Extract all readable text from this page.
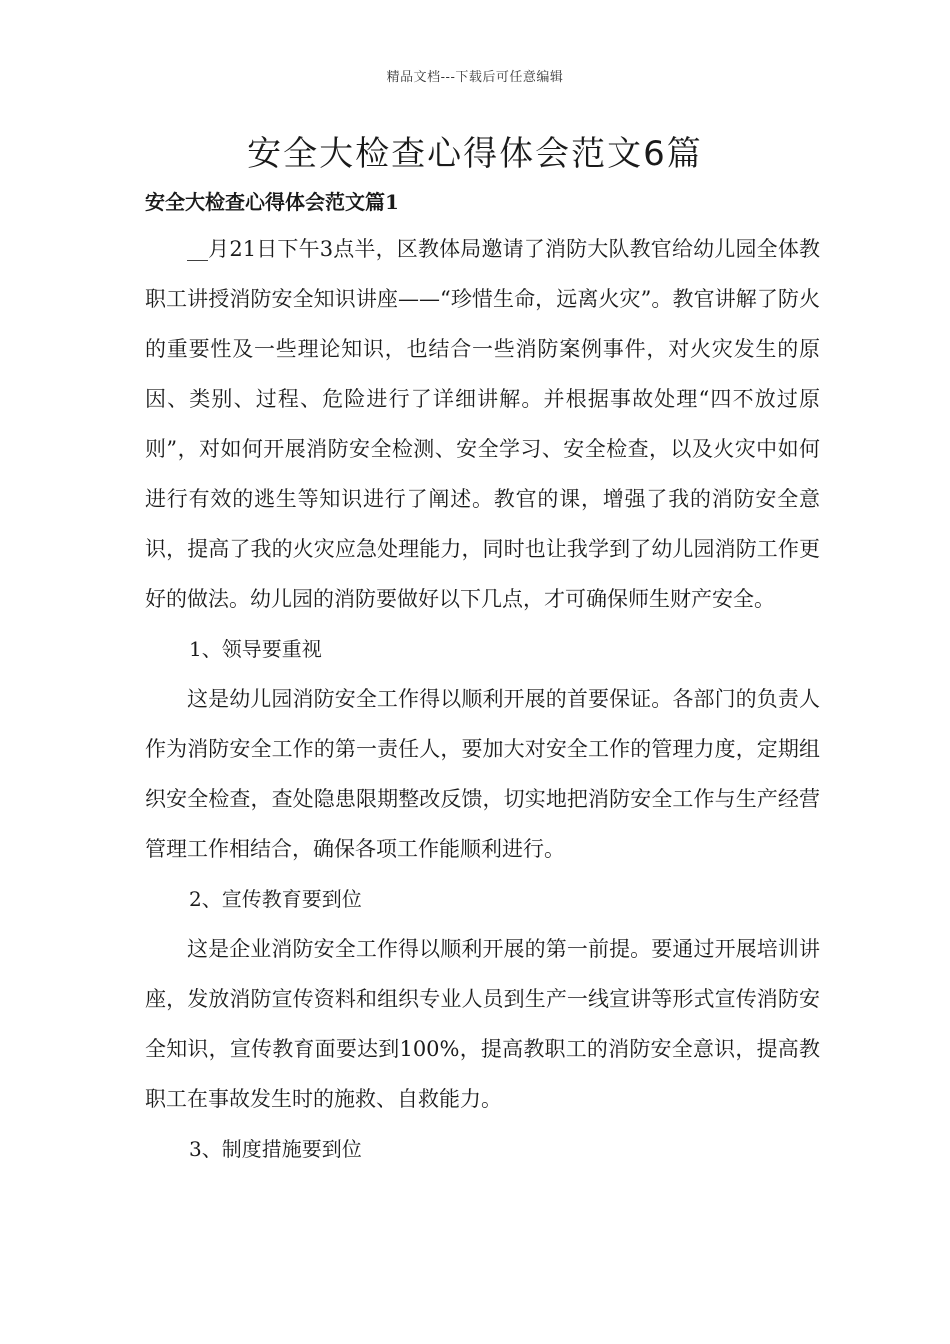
精品文档---下载后可任意编辑
安全大检查心得体会范文6篇
安全大检查心得体会范文篇1

__月21日下午3点半，区教体局邀请了消防大队教官给幼儿园全体教职工讲授消防安全知识讲座——“珍惜生命，远离火灾”。教官讲解了防火的重要性及一些理论知识，也结合一些消防案例事件，对火灾发生的原因、类别、过程、危险进行了详细讲解。并根据事故处理“四不放过原则”，对如何开展消防安全检测、安全学习、安全检查，以及火灾中如何进行有效的逃生等知识进行了阐述。教官的课，增强了我的消防安全意识，提高了我的火灾应急处理能力，同时也让我学到了幼儿园消防工作更好的做法。幼儿园的消防要做好以下几点，才可确保师生财产安全。

1、领导要重视

这是幼儿园消防安全工作得以顺利开展的首要保证。各部门的负责人作为消防安全工作的第一责任人，要加大对安全工作的管理力度，定期组织安全检查，查处隐患限期整改反馈，切实地把消防安全工作与生产经营管理工作相结合，确保各项工作能顺利进行。

2、宣传教育要到位

这是企业消防安全工作得以顺利开展的第一前提。要通过开展培训讲座，发放消防宣传资料和组织专业人员到生产一线宣讲等形式宣传消防安全知识，宣传教育面要达到100%，提高教职工的消防安全意识，提高教职工在事故发生时的施救、自救能力。

3、制度措施要到位
